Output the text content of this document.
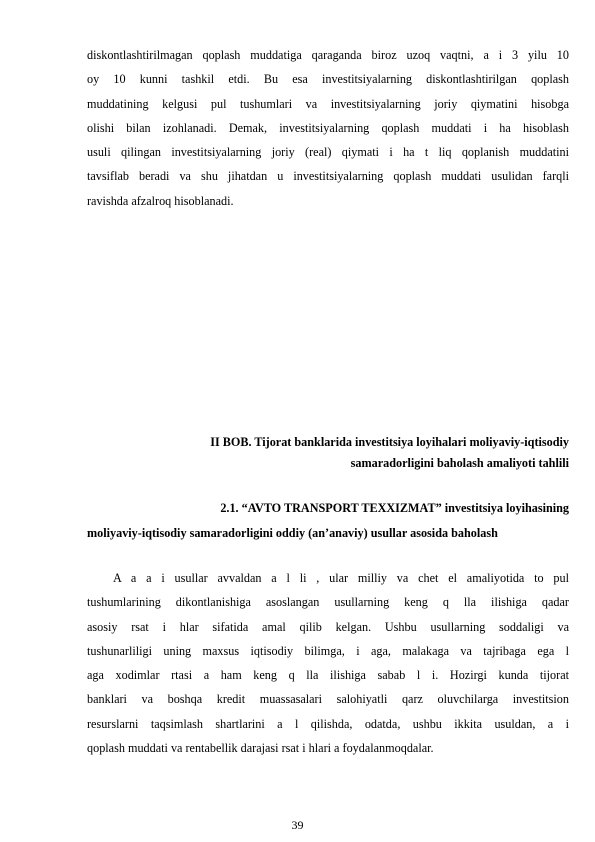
diskontlashtirilmagan qoplash muddatiga qaraganda biroz uzoq vaqtni, a i 3 yilu 10
oy 10 kunni tashkil etdi. Bu esa investitsiyalarning diskontlashtirilgan qoplash
muddatining kelgusi pul tushumlari va investitsiyalarning joriy qiymatini hisobga
olishi bilan izohlanadi. Demak, investitsiyalarning qoplash muddati i ha hisoblash
usuli qilingan investitsiyalarning joriy (real) qiymati i ha t liq qoplanish muddatini
tavsiflab beradi va shu jihatdan u investitsiyalarning qoplash muddati usulidan farqli
ravishda afzalroq hisoblanadi.
II BOB. Tijorat banklarida investitsiya loyihalari moliyaviy-iqtisodiy
samaradorligini baholash amaliyoti tahlili
2.1. “AVTO TRANSPORT TEXXIZMAT” investitsiya loyihasining
moliyaviy-iqtisodiy samaradorligini oddiy (an’anaviy) usullar asosida baholash
A a a i usullar avvaldan a l li , ular milliy va chet el amaliyotida to pul
tushumlarining dikontlanishiga asoslangan usullarning keng q lla ilishiga qadar
asosiy rsat i hlar sifatida amal qilib kelgan. Ushbu usullarning soddaligi va
tushunarliligi uning maxsus iqtisodiy bilimga, i aga, malakaga va tajribaga ega l
aga xodimlar rtasi a ham keng q lla ilishiga sabab l i. Hozirgi kunda tijorat
banklari va boshqa kredit muassasalari salohiyatli qarz oluvchilarga investitsion
resurslarni taqsimlash shartlarini a l qilishda, odatda, ushbu ikkita usuldan, a i
qoplash muddati va rentabellik darajasi rsat i hlari a foydalanmoqdalar.
39
